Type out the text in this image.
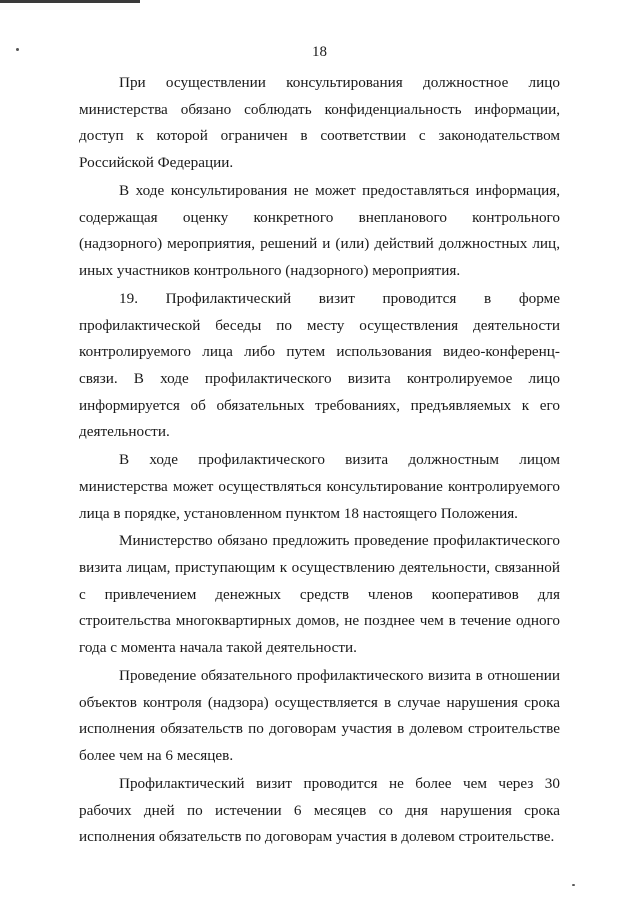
18

При осуществлении консультирования должностное лицо министерства обязано соблюдать конфиденциальность информации, доступ к которой ограничен в соответствии с законодательством Российской Федерации.

В ходе консультирования не может предоставляться информация, содержащая оценку конкретного внепланового контрольного (надзорного) мероприятия, решений и (или) действий должностных лиц, иных участников контрольного (надзорного) мероприятия.

19. Профилактический визит проводится в форме профилактической беседы по месту осуществления деятельности контролируемого лица либо путем использования видео-конференц-связи. В ходе профилактического визита контролируемое лицо информируется об обязательных требованиях, предъявляемых к его деятельности.

В ходе профилактического визита должностным лицом министерства может осуществляться консультирование контролируемого лица в порядке, установленном пунктом 18 настоящего Положения.

Министерство обязано предложить проведение профилактического визита лицам, приступающим к осуществлению деятельности, связанной с привлечением денежных средств членов кооперативов для строительства многоквартирных домов, не позднее чем в течение одного года с момента начала такой деятельности.

Проведение обязательного профилактического визита в отношении объектов контроля (надзора) осуществляется в случае нарушения срока исполнения обязательств по договорам участия в долевом строительстве более чем на 6 месяцев.

Профилактический визит проводится не более чем через 30 рабочих дней по истечении 6 месяцев со дня нарушения срока исполнения обязательств по договорам участия в долевом строительстве.
